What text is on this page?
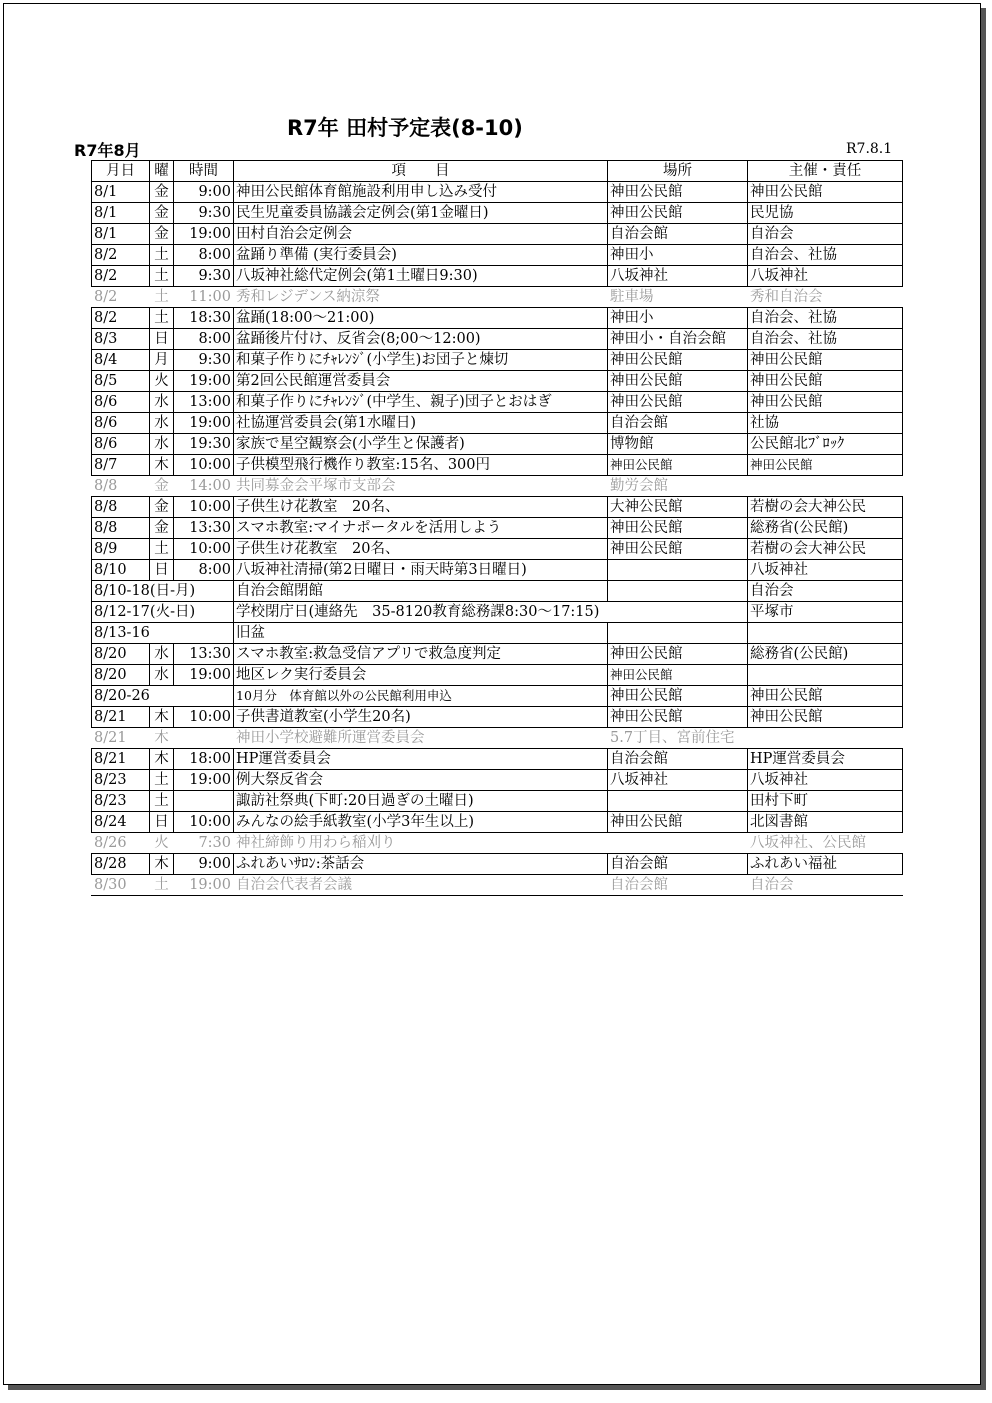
R7年 田村予定表(8-10)
R7年8月	R7.8.1
月日	曜	時間	項　　目	場所	主催・責任
8/1	金	9:00	神田公民館体育館施設利用申し込み受付	神田公民館	神田公民館
8/1	金	9:30	民生児童委員協議会定例会(第1金曜日)	神田公民館	民児協
8/1	金	19:00	田村自治会定例会	自治会館	自治会
8/2	土	8:00	盆踊り準備 (実行委員会)	神田小	自治会、社協
8/2	土	9:30	八坂神社総代定例会(第1土曜日9:30)	八坂神社	八坂神社
8/2	土	11:00	秀和レジデンス納涼祭	駐車場	秀和自治会
8/2	土	18:30	盆踊(18:00～21:00)	神田小	自治会、社協
8/3	日	8:00	盆踊後片付け、反省会(8;00～12:00)	神田小・自治会館	自治会、社協
8/4	月	9:30	和菓子作りにﾁｬﾚﾝｼﾞ(小学生)お団子と煉切	神田公民館	神田公民館
8/5	火	19:00	第2回公民館運営委員会	神田公民館	神田公民館
8/6	水	13:00	和菓子作りにﾁｬﾚﾝｼﾞ(中学生、親子)団子とおはぎ	神田公民館	神田公民館
8/6	水	19:00	社協運営委員会(第1水曜日)	自治会館	社協
8/6	水	19:30	家族で星空観察会(小学生と保護者)	博物館	公民館北ﾌﾞﾛｯｸ
8/7	木	10:00	子供模型飛行機作り教室:15名、300円	神田公民館	神田公民館
8/8	金	14:00	共同募金会平塚市支部会	勤労会館	
8/8	金	10:00	子供生け花教室　20名、	大神公民館	若樹の会大神公民
8/8	金	13:30	スマホ教室:マイナポータルを活用しよう	神田公民館	総務省(公民館)
8/9	土	10:00	子供生け花教室　20名、	神田公民館	若樹の会大神公民
8/10	日	8:00	八坂神社清掃(第2日曜日・雨天時第3日曜日)		八坂神社
8/10-18(日-月)			自治会館閉館		自治会
8/12-17(火-日)			学校閉庁日(連絡先　35-8120教育総務課8:30～17:15)		平塚市
8/13-16			旧盆		
8/20	水	13:30	スマホ教室:救急受信アプリで救急度判定	神田公民館	総務省(公民館)
8/20	水	19:00	地区レク実行委員会	神田公民館	
8/20-26			10月分　体育館以外の公民館利用申込	神田公民館	神田公民館
8/21	木	10:00	子供書道教室(小学生20名)	神田公民館	神田公民館
8/21	木		神田小学校避難所運営委員会	5.7丁目、宮前住宅	
8/21	木	18:00	HP運営委員会	自治会館	HP運営委員会
8/23	土	19:00	例大祭反省会	八坂神社	八坂神社
8/23	土		諏訪社祭典(下町:20日過ぎの土曜日)		田村下町
8/24	日	10:00	みんなの絵手紙教室(小学3年生以上)	神田公民館	北図書館
8/26	火	7:30	神社締飾り用わら稲刈り		八坂神社、公民館
8/28	木	9:00	ふれあいｻﾛﾝ:茶話会	自治会館	ふれあい福祉
8/30	土	19:00	自治会代表者会議	自治会館	自治会
